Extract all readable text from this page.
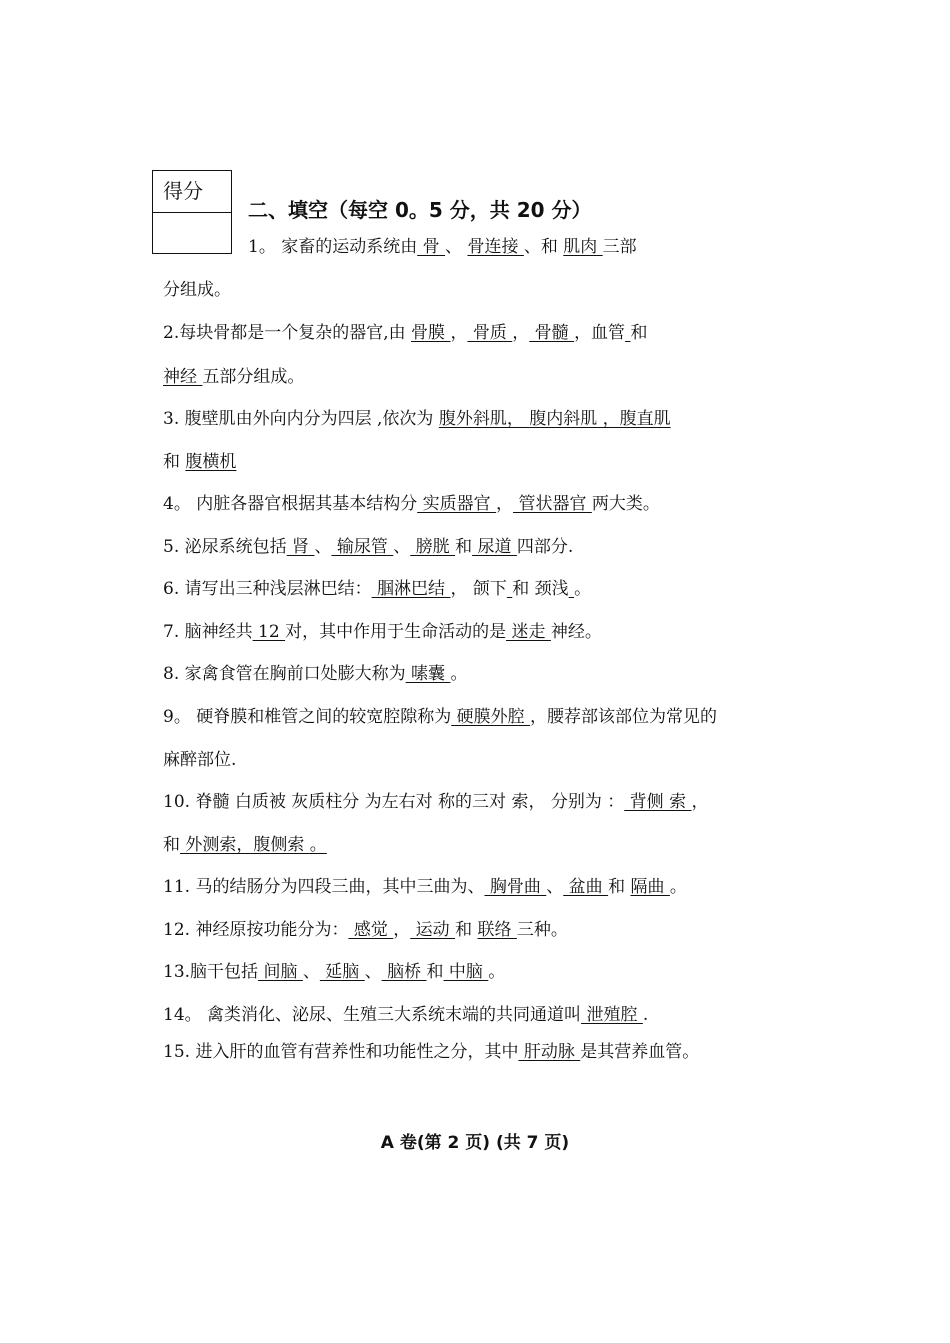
得分
二、填空（每空 0。5 分，共 20 分）
1。 家畜的运动系统由 骨 、 骨连接 、和 肌肉 三部
分组成。
2.每块骨都是一个复杂的器官,由 骨膜 ， 骨质 ， 骨髓 ，血管 和
神经 五部分组成。
3. 腹壁肌由外向内分为四层 ,依次为 腹外斜肌， 腹内斜肌 ，腹直肌
和 腹横机
4。 内脏各器官根据其基本结构分 实质器官 ， 管状器官 两大类。
5. 泌尿系统包括 肾 、 输尿管 、 膀胱 和 尿道 四部分.
6. 请写出三种浅层淋巴结： 腘淋巴结 ， 颌下 和 颈浅 。
7. 脑神经共 12 对，其中作用于生命活动的是 迷走 神经。
8. 家禽食管在胸前口处膨大称为 嗉囊 。
9。 硬脊膜和椎管之间的较宽腔隙称为 硬膜外腔 ，腰荐部该部位为常见的
麻醉部位.
10. 脊髓 白质被 灰质柱分 为左右对 称的三对 索， 分别为 ： 背侧 索 ，
和 外测索，腹侧索 。
11. 马的结肠分为四段三曲，其中三曲为、 胸骨曲 、 盆曲 和 隔曲 。
12. 神经原按功能分为： 感觉 ， 运动 和 联络 三种。
13.脑干包括 间脑 、 延脑 、 脑桥 和 中脑 。
14。 禽类消化、泌尿、生殖三大系统末端的共同通道叫 泄殖腔 .
15. 进入肝的血管有营养性和功能性之分，其中 肝动脉 是其营养血管。
A 卷(第 2 页) (共 7 页)
